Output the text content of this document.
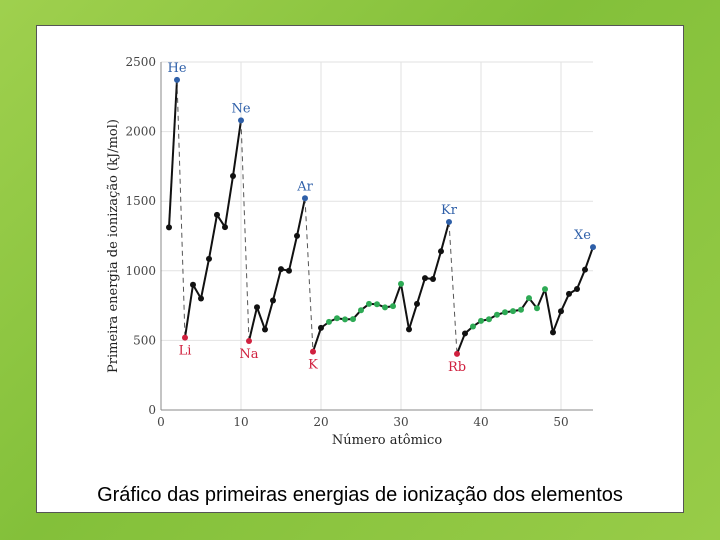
0
500
1000
1500
2000
2500
0	10	20	30	40	50
Número atômico
Primeira energia de ionização (kJ/mol)
He
Ne
Ar
Kr
Xe
Li	Na
K	Rb
Gráfico das primeiras energias de ionização dos elementos
